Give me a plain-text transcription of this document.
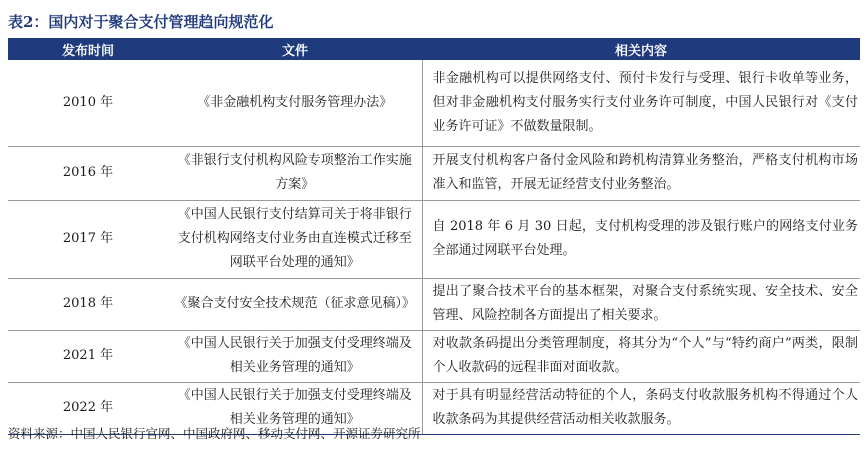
表2：国内对于聚合支付管理趋向规范化
发布时间	文件	相关内容
2010 年	《非金融机构支付服务管理办法》	非金融机构可以提供网络支付、预付卡发行与受理、银行卡收单等业务，但对非金融机构支付服务实行支付业务许可制度，中国人民银行对《支付业务许可证》不做数量限制。
2016 年	《非银行支付机构风险专项整治工作实施方案》	开展支付机构客户备付金风险和跨机构清算业务整治，严格支付机构市场准入和监管，开展无证经营支付业务整治。
2017 年	《中国人民银行支付结算司关于将非银行支付机构网络支付业务由直连模式迁移至网联平台处理的通知》	自 2018 年 6 月 30 日起，支付机构受理的涉及银行账户的网络支付业务全部通过网联平台处理。
2018 年	《聚合支付安全技术规范（征求意见稿）》	提出了聚合技术平台的基本框架，对聚合支付系统实现、安全技术、安全管理、风险控制各方面提出了相关要求。
2021 年	《中国人民银行关于加强支付受理终端及相关业务管理的通知》	对收款条码提出分类管理制度，将其分为“个人”与“特约商户”两类，限制个人收款码的远程非面对面收款。
2022 年	《中国人民银行关于加强支付受理终端及相关业务管理的通知》	对于具有明显经营活动特征的个人，条码支付收款服务机构不得通过个人收款条码为其提供经营活动相关收款服务。
资料来源：中国人民银行官网、中国政府网、移动支付网、开源证券研究所
